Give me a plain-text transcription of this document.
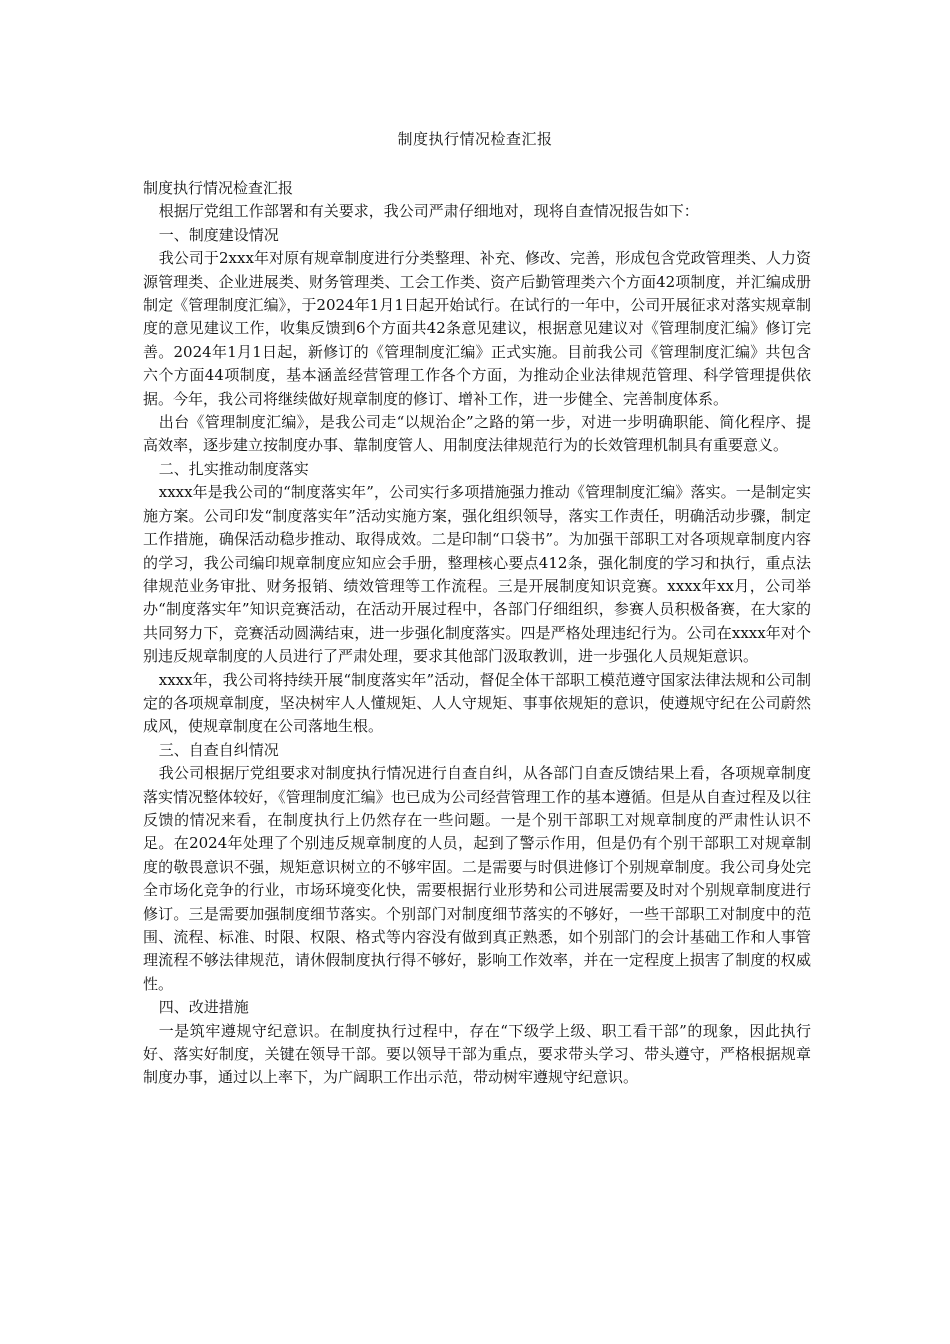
制度执行情况检查汇报

制度执行情况检查汇报

根据厅党组工作部署和有关要求，我公司严肃仔细地对，现将自查情况报告如下：

一、制度建设情况

我公司于2xxx年对原有规章制度进行分类整理、补充、修改、完善，形成包含党政管理类、人力资源管理类、企业进展类、财务管理类、工会工作类、资产后勤管理类六个方面42项制度，并汇编成册制定《管理制度汇编》，于2024年1月1日起开始试行。在试行的一年中，公司开展征求对落实规章制度的意见建议工作，收集反馈到6个方面共42条意见建议，根据意见建议对《管理制度汇编》修订完善。2024年1月1日起，新修订的《管理制度汇编》正式实施。目前我公司《管理制度汇编》共包含六个方面44项制度，基本涵盖经营管理工作各个方面，为推动企业法律规范管理、科学管理提供依据。今年，我公司将继续做好规章制度的修订、增补工作，进一步健全、完善制度体系。

出台《管理制度汇编》，是我公司走“以规治企”之路的第一步，对进一步明确职能、简化程序、提高效率，逐步建立按制度办事、靠制度管人、用制度法律规范行为的长效管理机制具有重要意义。

二、扎实推动制度落实

xxxx年是我公司的“制度落实年”，公司实行多项措施强力推动《管理制度汇编》落实。一是制定实施方案。公司印发“制度落实年”活动实施方案，强化组织领导，落实工作责任，明确活动步骤，制定工作措施，确保活动稳步推动、取得成效。二是印制“口袋书”。为加强干部职工对各项规章制度内容的学习，我公司编印规章制度应知应会手册，整理核心要点412条，强化制度的学习和执行，重点法律规范业务审批、财务报销、绩效管理等工作流程。三是开展制度知识竞赛。xxxx年xx月，公司举办“制度落实年”知识竞赛活动，在活动开展过程中，各部门仔细组织，参赛人员积极备赛，在大家的共同努力下，竞赛活动圆满结束，进一步强化制度落实。四是严格处理违纪行为。公司在xxxx年对个别违反规章制度的人员进行了严肃处理，要求其他部门汲取教训，进一步强化人员规矩意识。

xxxx年，我公司将持续开展“制度落实年”活动，督促全体干部职工模范遵守国家法律法规和公司制定的各项规章制度，坚决树牢人人懂规矩、人人守规矩、事事依规矩的意识，使遵规守纪在公司蔚然成风，使规章制度在公司落地生根。

三、自查自纠情况

我公司根据厅党组要求对制度执行情况进行自查自纠，从各部门自查反馈结果上看，各项规章制度落实情况整体较好，《管理制度汇编》也已成为公司经营管理工作的基本遵循。但是从自查过程及以往反馈的情况来看，在制度执行上仍然存在一些问题。一是个别干部职工对规章制度的严肃性认识不足。在2024年处理了个别违反规章制度的人员，起到了警示作用，但是仍有个别干部职工对规章制度的敬畏意识不强，规矩意识树立的不够牢固。二是需要与时俱进修订个别规章制度。我公司身处完全市场化竞争的行业，市场环境变化快，需要根据行业形势和公司进展需要及时对个别规章制度进行修订。三是需要加强制度细节落实。个别部门对制度细节落实的不够好，一些干部职工对制度中的范围、流程、标准、时限、权限、格式等内容没有做到真正熟悉，如个别部门的会计基础工作和人事管理流程不够法律规范，请休假制度执行得不够好，影响工作效率，并在一定程度上损害了制度的权威性。

四、改进措施

一是筑牢遵规守纪意识。在制度执行过程中，存在“下级学上级、职工看干部”的现象，因此执行好、落实好制度，关键在领导干部。要以领导干部为重点，要求带头学习、带头遵守，严格根据规章制度办事，通过以上率下，为广阔职工作出示范，带动树牢遵规守纪意识。
